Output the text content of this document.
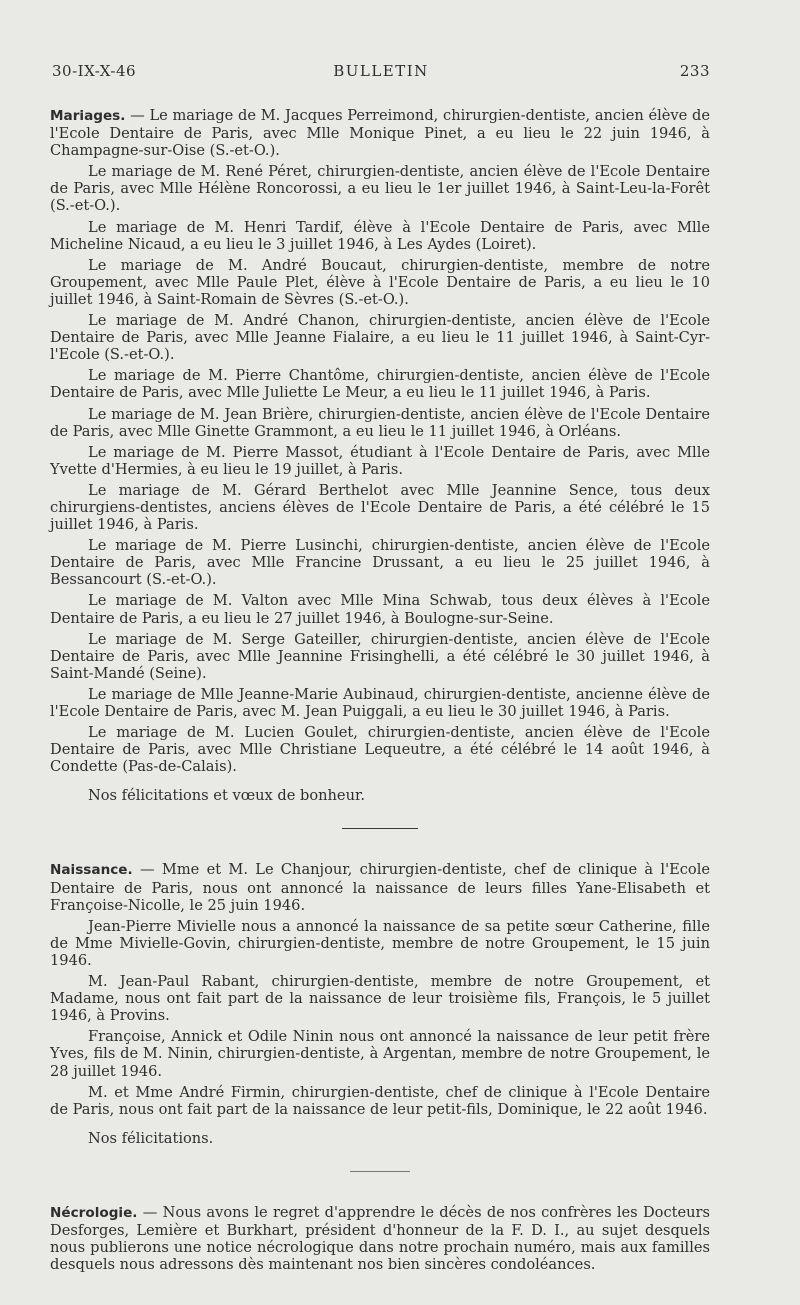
30-IX-X-46	BULLETIN	233

Mariages. — Le mariage de M. Jacques Perreimond, chirurgien-dentiste, ancien élève de l'Ecole Dentaire de Paris, avec Mlle Monique Pinet, a eu lieu le 22 juin 1946, à Champagne-sur-Oise (S.-et-O.).

Le mariage de M. René Péret, chirurgien-dentiste, ancien élève de l'Ecole Dentaire de Paris, avec Mlle Hélène Roncorossi, a eu lieu le 1er juillet 1946, à Saint-Leu-la-Forêt (S.-et-O.).

Le mariage de M. Henri Tardif, élève à l'Ecole Dentaire de Paris, avec Mlle Micheline Nicaud, a eu lieu le 3 juillet 1946, à Les Aydes (Loiret).

Le mariage de M. André Boucaut, chirurgien-dentiste, membre de notre Groupement, avec Mlle Paule Plet, élève à l'Ecole Dentaire de Paris, a eu lieu le 10 juillet 1946, à Saint-Romain de Sèvres (S.-et-O.).

Le mariage de M. André Chanon, chirurgien-dentiste, ancien élève de l'Ecole Dentaire de Paris, avec Mlle Jeanne Fialaire, a eu lieu le 11 juillet 1946, à Saint-Cyr-l'Ecole (S.-et-O.).

Le mariage de M. Pierre Chantôme, chirurgien-dentiste, ancien élève de l'Ecole Dentaire de Paris, avec Mlle Juliette Le Meur, a eu lieu le 11 juillet 1946, à Paris.

Le mariage de M. Jean Brière, chirurgien-dentiste, ancien élève de l'Ecole Dentaire de Paris, avec Mlle Ginette Grammont, a eu lieu le 11 juillet 1946, à Orléans.

Le mariage de M. Pierre Massot, étudiant à l'Ecole Dentaire de Paris, avec Mlle Yvette d'Hermies, à eu lieu le 19 juillet, à Paris.

Le mariage de M. Gérard Berthelot avec Mlle Jeannine Sence, tous deux chirurgiens-dentistes, anciens élèves de l'Ecole Dentaire de Paris, a été célébré le 15 juillet 1946, à Paris.

Le mariage de M. Pierre Lusinchi, chirurgien-dentiste, ancien élève de l'Ecole Dentaire de Paris, avec Mlle Francine Drussant, a eu lieu le 25 juillet 1946, à Bessancourt (S.-et-O.).

Le mariage de M. Valton avec Mlle Mina Schwab, tous deux élèves à l'Ecole Dentaire de Paris, a eu lieu le 27 juillet 1946, à Boulogne-sur-Seine.

Le mariage de M. Serge Gateiller, chirurgien-dentiste, ancien élève de l'Ecole Dentaire de Paris, avec Mlle Jeannine Frisinghelli, a été célébré le 30 juillet 1946, à Saint-Mandé (Seine).

Le mariage de Mlle Jeanne-Marie Aubinaud, chirurgien-dentiste, ancienne élève de l'Ecole Dentaire de Paris, avec M. Jean Puiggali, a eu lieu le 30 juillet 1946, à Paris.

Le mariage de M. Lucien Goulet, chirurgien-dentiste, ancien élève de l'Ecole Dentaire de Paris, avec Mlle Christiane Lequeutre, a été célébré le 14 août 1946, à Condette (Pas-de-Calais).

Nos félicitations et vœux de bonheur.

Naissance. — Mme et M. Le Chanjour, chirurgien-dentiste, chef de clinique à l'Ecole Dentaire de Paris, nous ont annoncé la naissance de leurs filles Yane-Elisabeth et Françoise-Nicolle, le 25 juin 1946.

Jean-Pierre Mivielle nous a annoncé la naissance de sa petite sœur Catherine, fille de Mme Mivielle-Govin, chirurgien-dentiste, membre de notre Groupement, le 15 juin 1946.

M. Jean-Paul Rabant, chirurgien-dentiste, membre de notre Groupement, et Madame, nous ont fait part de la naissance de leur troisième fils, François, le 5 juillet 1946, à Provins.

Françoise, Annick et Odile Ninin nous ont annoncé la naissance de leur petit frère Yves, fils de M. Ninin, chirurgien-dentiste, à Argentan, membre de notre Groupement, le 28 juillet 1946.

M. et Mme André Firmin, chirurgien-dentiste, chef de clinique à l'Ecole Dentaire de Paris, nous ont fait part de la naissance de leur petit-fils, Dominique, le 22 août 1946.

Nos félicitations.

Nécrologie. — Nous avons le regret d'apprendre le décès de nos confrères les Docteurs Desforges, Lemière et Burkhart, président d'honneur de la F. D. I., au sujet desquels nous publierons une notice nécrologique dans notre prochain numéro, mais aux familles desquels nous adressons dès maintenant nos bien sincères condoléances.
